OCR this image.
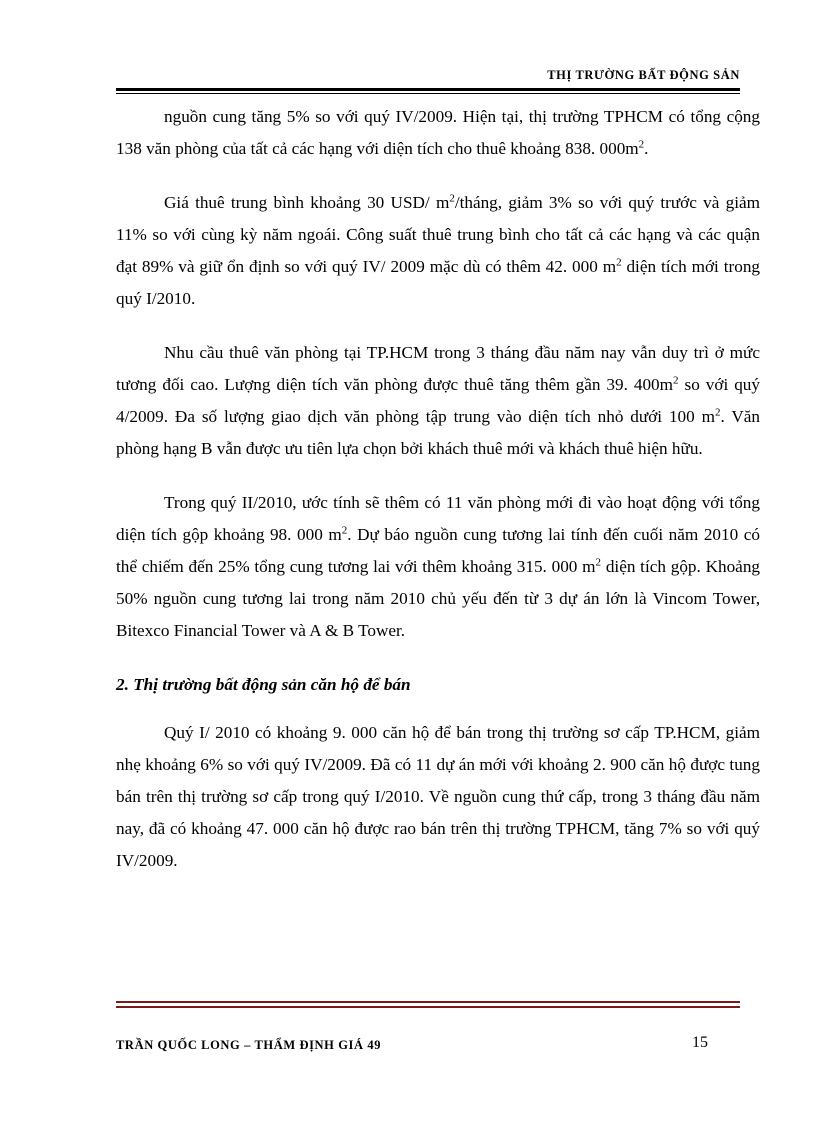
THỊ TRƯỜNG BẤT ĐỘNG SẢN

nguồn cung tăng 5% so với quý IV/2009. Hiện tại, thị trường TPHCM có tổng cộng 138 văn phòng của tất cả các hạng với diện tích cho thuê khoảng 838. $000m^2$.

Giá thuê trung bình khoảng 30 USD/ $m^2$/tháng, giảm 3% so với quý trước và giảm 11% so với cùng kỳ năm ngoái. Công suất thuê trung bình cho tất cả các hạng và các quận đạt 89% và giữ ổn định so với quý IV/ 2009 mặc dù có thêm 42. 000 $m^2$ diện tích mới trong quý I/2010.

Nhu cầu thuê văn phòng tại TP.HCM trong 3 tháng đầu năm nay vẫn duy trì ở mức tương đối cao. Lượng diện tích văn phòng được thuê tăng thêm gần 39. $400m^2$ so với quý 4/2009. Đa số lượng giao dịch văn phòng tập trung vào diện tích nhỏ dưới 100 $m^2$. Văn phòng hạng B vẫn được ưu tiên lựa chọn bởi khách thuê mới và khách thuê hiện hữu.

Trong quý II/2010, ước tính sẽ thêm có 11 văn phòng mới đi vào hoạt động với tổng diện tích gộp khoảng 98. 000 $m^2$. Dự báo nguồn cung tương lai tính đến cuối năm 2010 có thể chiếm đến 25% tổng cung tương lai với thêm khoảng 315. 000 $m^2$ diện tích gộp. Khoảng 50% nguồn cung tương lai trong năm 2010 chủ yếu đến từ 3 dự án lớn là Vincom Tower, Bitexco Financial Tower và A & B Tower.

2. Thị trường bất động sản căn hộ để bán

Quý I/ 2010 có khoảng 9. 000 căn hộ để bán trong thị trường sơ cấp TP.HCM, giảm nhẹ khoảng 6% so với quý IV/2009. Đã có 11 dự án mới với khoảng 2. 900 căn hộ được tung bán trên thị trường sơ cấp trong quý I/2010. Về nguồn cung thứ cấp, trong 3 tháng đầu năm nay, đã có khoảng 47. 000 căn hộ được rao bán trên thị trường TPHCM, tăng 7% so với quý IV/2009.

TRẦN QUỐC LONG – THẨM ĐỊNH GIÁ 49	15
